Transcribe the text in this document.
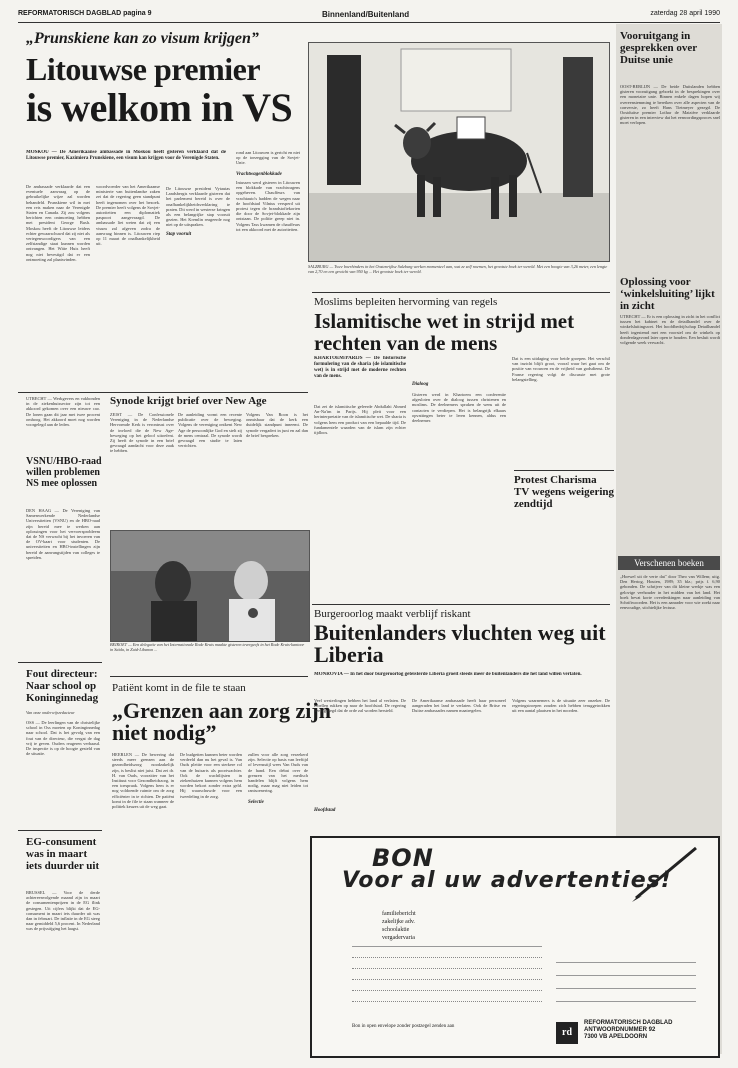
REFORMATORISCH DAGBLAD pagina 9	Binnenland/Buitenland	zaterdag 28 april 1990
„Prunskiene kan zo visum krijgen”
Litouwse premier
is welkom in VS
MOSKOU — De Amerikaanse ambassade in Moskou heeft gisteren verklaard dat de Litouwse premier, Kazimiera Prunskiene, een visum kan krijgen voor de Verenigde Staten.
De ambassade verklaarde dat een eventuele aanvraag op de gebruikelijke wijze zal worden behandeld. Prunskiene wil in mei een reis maken naar de Verenigde Staten en Canada. Zij zou volgens berichten een ontmoeting hebben met president George Bush. Moskou heeft de Litouwse leiders echter gewaarschuwd dat zij niet als vertegenwoordigers van een zelfstandige staat kunnen worden ontvangen. Het Witte Huis heeft nog niet bevestigd dat er een ontmoeting zal plaatsvinden.
woordvoerder van het Amerikaanse ministerie van buitenlandse zaken zei dat de regering geen standpunt heeft ingenomen over het bezoek. De premier heeft volgens de Sovjet-autoriteiten een diplomatiek paspoort aangevraagd. De ambassade liet weten dat zij een visum zal afgeven zodra de aanvraag binnen is. Litouwen riep op 11 maart de onafhankelijkheid uit.
Stap vooruit
De Litouwse president Vytautas Landsbergis verklaarde gisteren dat het parlement bereid is over de onafhankelijkheidsverklaring te praten. Dit werd in westerse kringen als een belangrijke stap vooruit gezien. Het Kremlin reageerde nog niet op de uitspraken.
rond aan Litouwen is gericht en niet op de toezegging van de Sovjet-Unie.
Vrachtwagenblokkade
Intussen werd gisteren in Litouwen een blokkade van vrachtwagens opgeheven. Chauffeurs van vrachtauto's hadden de wegen naar de hoofdstad Vilnius versperd uit protest tegen de brandstoftekorten die door de Sovjet-blokkade zijn ontstaan. De politie greep niet in. Volgens Tass kwamen de chauffeurs tot een akkoord met de autoriteiten.
SALZBURG — Twee boerhinders in het Oostenrijkse Salzburg werken momenteel aan, wat ze zelf noemen, het grootste boek ter wereld. Met een hoogte van 3,26 meter, een lengte van 2,70 en een gewicht van 950 kg ... Het grootste boek ter wereld.
UTRECHT — Werkgevers en vakbonden in de ziekenhuissector zijn tot een akkoord gekomen over een nieuwe cao. De lonen gaan dit jaar met twee procent omhoog. Het akkoord moet nog worden voorgelegd aan de leden.
VSNU/HBO-raad willen problemen NS mee oplossen
DEN HAAG — De Vereniging van Samenwerkende Nederlandse Universiteiten (VSNU) en de HBO-raad zijn bereid mee te werken aan oplossingen voor het vervoersprobleem dat de NS verwacht bij het invoeren van de OV-kaart voor studenten. De universiteiten en HBO-instellingen zijn bereid de aanvangstijden van colleges te spreiden.
Synode krijgt brief over New Age
ZEIST — De Confessionele Vereniging in de Nederlandse Hervormde Kerk is verontrust over de invloed die de New Age-beweging op het geloof uitoefent. Zij heeft de synode in een brief gevraagd aandacht voor deze zaak te hebben.
De aanleiding vormt een recente publicatie over de beweging. Volgens de vereniging ontkent New Age de persoonlijke God en stelt zij de mens centraal. De synode wordt gevraagd een studie te laten verrichten.
Volgens Van Roon is het onmisbaar dat de kerk een duidelijk standpunt inneemt. De synode vergadert in juni en zal dan de brief bespreken.
BEIROET — Een delegatie van het Internationale Rode Kruis maakte gisteren tevergeefs in het Rode Kruis-kantoor in Saïda, in Zuid-Libanon ...
Fout directeur: Naar school op Koninginnedag
Van onze onderwijsredacteur
OSS — De leerlingen van de christelijke school in Oss moeten op Koninginnedag naar school. Dat is het gevolg van een fout van de directeur, die vergat de dag vrij te geven. Ouders reageren verbaasd. De inspectie is op de hoogte gesteld van de situatie.
EG-consument was in maart iets duurder uit
BRUSSEL — Voor de derde achtereenvolgende maand zijn in maart de consumentenprijzen in de EG flink gestegen. Uit cijfers blijkt dat de EG-consument in maart iets duurder uit was dan in februari. De inflatie in de EG steeg naar gemiddeld 5,6 procent. In Nederland was de prijsstijging het laagst.
Patiënt komt in de file te staan
„Grenzen aan zorg zijn niet nodig”
HEERLEN — De bewering dat steeds meer grenzen aan de gezondheidszorg noodzakelijk zijn, is beslist niet juist. Dat zei dr. H. van Ouds, voorzitter van het Instituut voor Gezondheidszorg, in een toespraak. Volgens hem is er nog voldoende ruimte om de zorg efficiënter in te richten. De patiënt komt in de file te staan wanneer de politiek keuzes uit de weg gaat.
De budgetten kunnen beter worden verdeeld dan nu het geval is. Van Ouds pleitte voor een sterkere rol van de huisarts als poortwachter. Ook de wachtlijsten in ziekenhuizen kunnen volgens hem worden bekort zonder extra geld. Hij waarschuwde voor een tweedeling in de zorg.
Selectie
zullen voor alle zorg verzekerd zijn. Selectie op basis van leeftijd of levensstijl wees Van Ouds van de hand. Een debat over de grenzen van het medisch handelen blijft volgens hem nodig, maar mag niet leiden tot rantsoenering.
Moslims bepleiten hervorming van regels
Islamitische wet in strijd met rechten van de mens
KHARTOEM/PARIJS — De historische formulering van de sharia (de islamitische wet) is in strijd met de moderne rechten van de mens.
Dialoog
Dat zei de islamitische geleerde Abdullahi Ahmed An-Na'im in Parijs. Hij pleit voor een herinterpretatie van de islamitische wet. De sharia is volgens hem een product van een bepaalde tijd. De fundamentele waarden van de islam zijn echter tijdloos.
Gisteren werd in Khartoem een conferentie afgesloten over de dialoog tussen christenen en moslims. De deelnemers spraken de wens uit de contacten te verdiepen. Het is belangrijk elkaars opvattingen beter te leren kennen, aldus een deelnemer.
Dat is een uitdaging voor beide groepen. Het verschil van inzicht blijft groot, vooral waar het gaat om de positie van vrouwen en de vrijheid van godsdienst. De Franse regering volgt de discussie met grote belangstelling.
Burgeroorlog maakt verblijf riskant
Buitenlanders vluchten weg uit Liberia
MONROVIA — In het door burgeroorlog geteisterde Liberia groeit steeds meer de buitenlanders die het land willen verlaten.
Veel westerlingen hebben het land al verlaten. De rebellen rukken op naar de hoofdstad. De regering heeft gezegd dat de orde zal worden hersteld.
Hoofdstad
De Amerikaanse ambassade heeft haar personeel aangeraden het land te verlaten. Ook de Britse en Duitse ambassades namen maatregelen.
Volgens waarnemers is de situatie zeer onzeker. De regeringstroepen zouden zich hebben teruggetrokken uit een aantal plaatsen in het noorden.
Vooruitgang in gesprekken over Duitse unie
OOST-BERLIJN — De beide Duitslanden hebben gisteren vooruitgang geboekt in de besprekingen over een monetaire unie. Binnen enkele dagen hopen wij overeenstemming te bereiken over alle aspecten van de conversie, zo heeft Hans Tietmeyer gezegd. De Oostduitse premier Lothar de Maizière verklaarde gisteren in een interview dat het eenwordingsproces snel moet verlopen.
Oplossing voor ‘winkelsluiting’ lijkt in zicht
UTRECHT — Er is een oplossing in zicht in het conflict tussen het kabinet en de detailhandel over de winkelsluitingswet. Het hoofdbedrijfschap Detailhandel heeft ingestemd met een voorstel om de winkels op donderdagavond later open te houden. Een besluit wordt volgende week verwacht.
Verschenen boeken
„Hoewel uit de verte dat" door Theo van Willem; uitg. Den Hertog, Houten, 1989; 35 blz.; prijs f. 6,90 gebonden. De schrijver van dit kleine werkje was een gelovige veehouder in het midden van het land. Het boek bevat korte overdenkingen naar aanleiding van Schriftwoorden. Het is een aanrader voor wie zoekt naar eenvoudige, stichtelijke lectuur.
Protest Charisma TV wegens weigering zendtijd
BON
Voor al uw advertenties!
familiebericht
zakelijke adv.
schoolaktie
vergadervaria
Bon in open envelope zonder postzegel zenden aan
rd
REFORMATORISCH DAGBLAD
ANTWOORDNUMMER 92
7300 VB APELDOORN
